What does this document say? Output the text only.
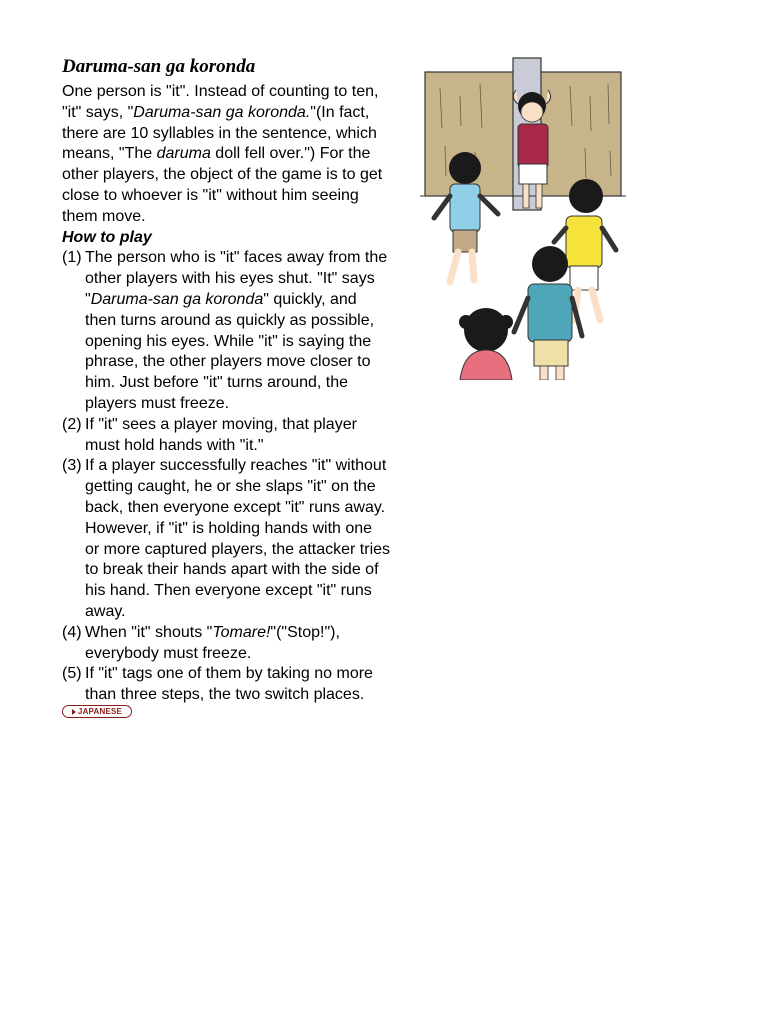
Daruma-san ga koronda

One person is "it". Instead of counting to ten,
"it" says, "Daruma-san ga koronda."(In fact,
there are 10 syllables in the sentence, which
means, "The daruma doll fell over.") For the
other players, the object of the game is to get
close to whoever is "it" without him seeing
them move.

How to play

(1) The person who is "it" faces away from the
other players with his eyes shut. "It" says
"Daruma-san ga koronda" quickly, and
then turns around as quickly as possible,
opening his eyes. While "it" is saying the
phrase, the other players move closer to
him. Just before "it" turns around, the
players must freeze.
(2) If "it" sees a player moving, that player
must hold hands with "it."
(3) If a player successfully reaches "it" without
getting caught, he or she slaps "it" on the
back, then everyone except "it" runs away.
However, if "it" is holding hands with one
or more captured players, the attacker tries
to break their hands apart with the side of
his hand. Then everyone except "it" runs
away.
(4) When "it" shouts "Tomare!"("Stop!"),
everybody must freeze.
(5) If "it" tags one of them by taking no more
than three steps, the two switch places.
JAPANESE
